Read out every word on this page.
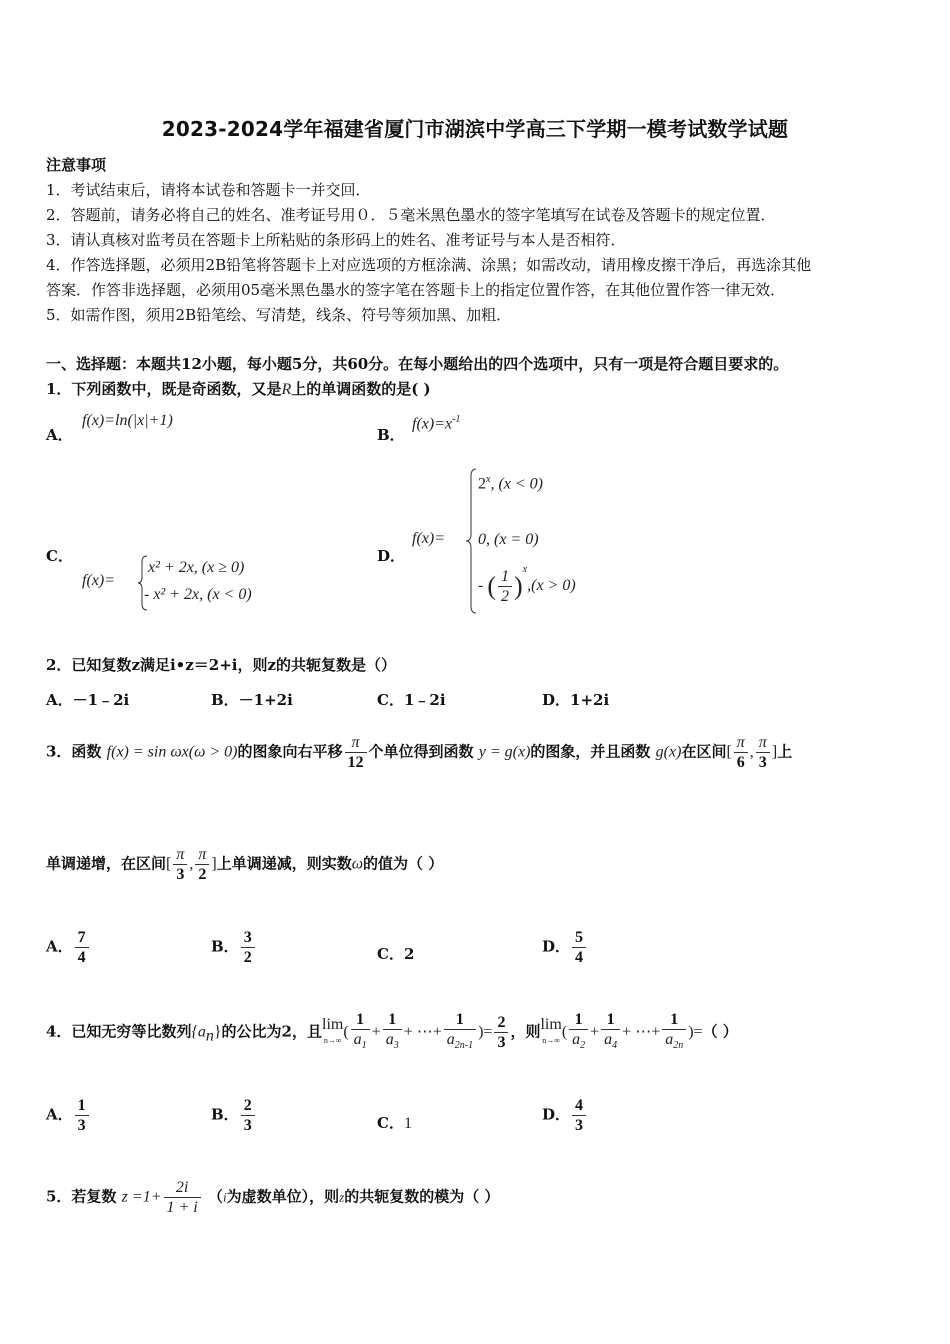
2023-2024学年福建省厦门市湖滨中学高三下学期一模考试数学试题
注意事项
1．考试结束后，请将本试卷和答题卡一并交回．
2．答题前，请务必将自己的姓名、准考证号用０．５毫米黑色墨水的签字笔填写在试卷及答题卡的规定位置．
3．请认真核对监考员在答题卡上所粘贴的条形码上的姓名、准考证号与本人是否相符．
4．作答选择题，必须用2B铅笔将答题卡上对应选项的方框涂满、涂黑；如需改动，请用橡皮擦干净后，再选涂其他
答案．作答非选择题，必须用05毫米黑色墨水的签字笔在答题卡上的指定位置作答，在其他位置作答一律无效．
5．如需作图，须用2B铅笔绘、写清楚，线条、符号等须加黑、加粗．
一、选择题：本题共12小题，每小题5分，共60分。在每小题给出的四个选项中，只有一项是符合题目要求的。
1．下列函数中，既是奇函数，又是R上的单调函数的是( )
A．
f(x)=ln(|x|+1)
B．
$f(x)=x^{-1}$
C．
f(x)=
x² + 2x, (x ≥ 0)
- x² + 2x, (x < 0)
D．
f(x)=
$2^x$, (x < 0)
0, (x = 0)
- ( $\frac{1}{2} )^x,(x > 0)$
2．已知复数z满足i•z＝2+i，则z的共轭复数是（）
A．－1﹣2i	B．－1+2i	C．1﹣2i	D．1+2i
3．函数 f(x) = sin ωx(ω > 0)的图象向右平移 $\frac{\pi}{12}$ 个单位得到函数 y = g(x)的图象，并且函数 g(x)在区间[ $\frac{\pi}{6}$ , $\frac{\pi}{3}$ ]上
单调递增，在区间[ $\frac{\pi}{3}$ , $\frac{\pi}{2}$ ]上单调递减，则实数ω的值为（ ）
A． $\frac{7}{4}$	B． $\frac{3}{2}$	C．2	D． $\frac{5}{4}$
4．已知无穷等比数列$\{a_n\}$的公比为2，且lim
n→∞ ( $\frac{1}{a_1} + \frac{1}{a_3}$ + ⋯+ $\frac{1}{a_{2n-1}}$ )= $\frac{2}{3}$ ，则lim
n→∞ ( $\frac{1}{a_2} + \frac{1}{a_4}$ + ⋯+ $\frac{1}{a_{2n}}$ )=（ ）
A． $\frac{1}{3}$	B． $\frac{2}{3}$	C．1	D． $\frac{4}{3}$
5．若复数 $z =1+ \frac{2i}{1 + i} (i$为虚数单位），则z的共轭复数的模为（ ）
